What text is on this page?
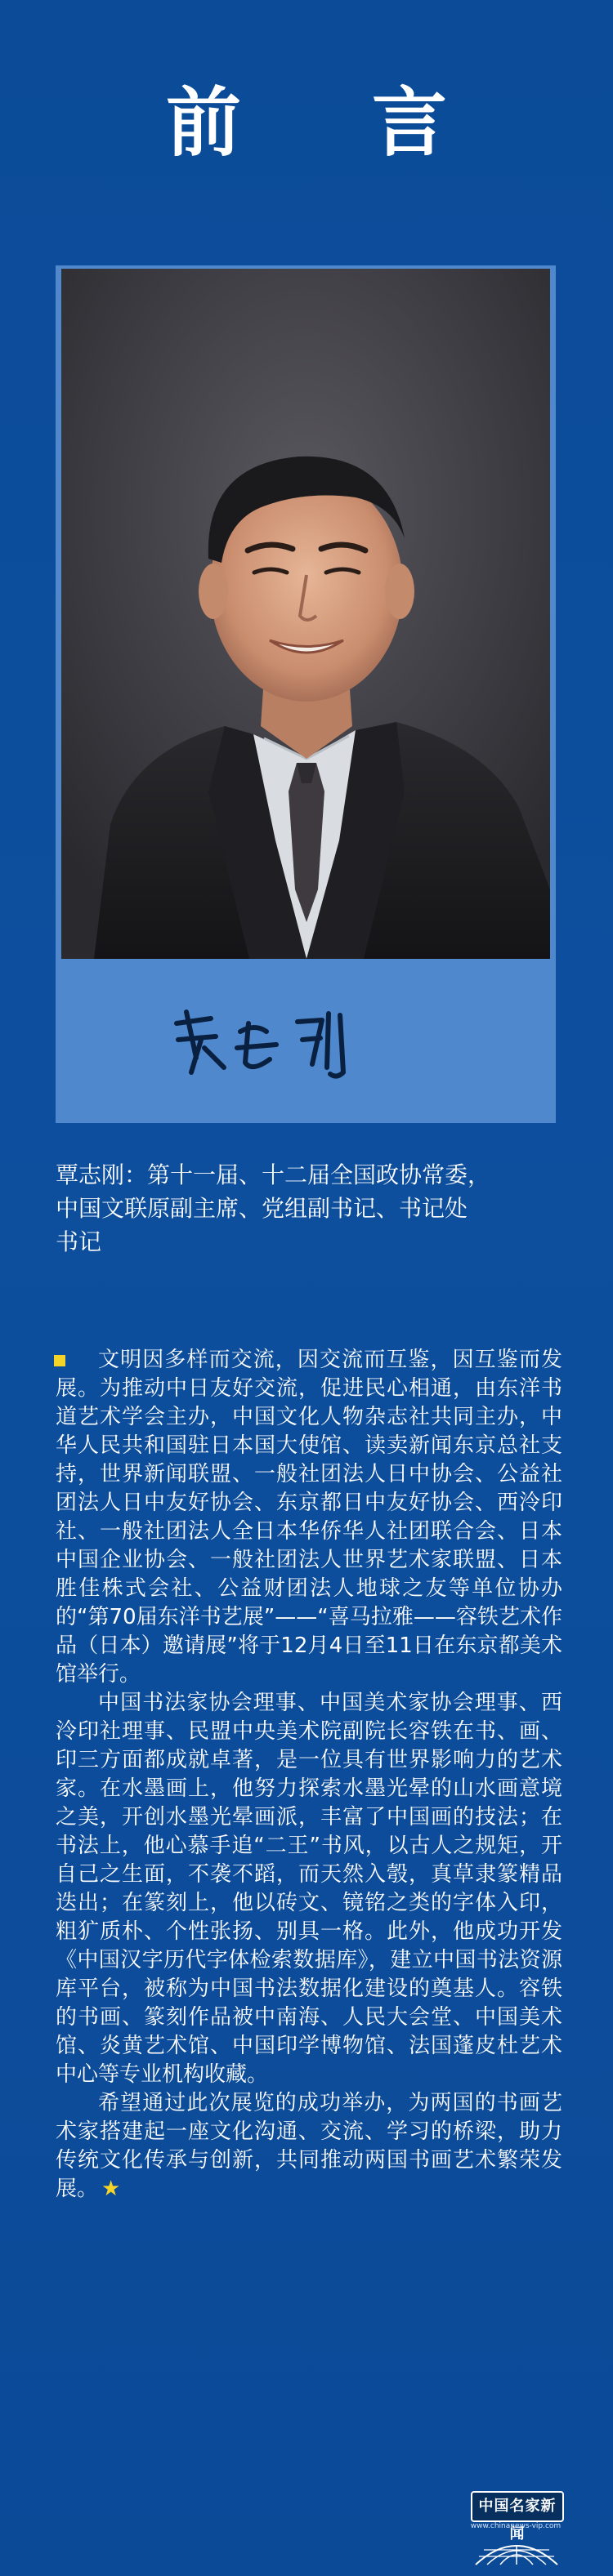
前 言

覃志刚：第十一届、十二届全国政协常委，

中国文联原副主席、党组副书记、书记处

书记

文明因多样而交流，因交流而互鉴，因互鉴而发展。为推动中日友好交流，促进民心相通，由东洋书道艺术学会主办，中国文化人物杂志社共同主办，中华人民共和国驻日本国大使馆、读卖新闻东京总社支持，世界新闻联盟、一般社团法人日中协会、公益社团法人日中友好协会、东京都日中友好协会、西泠印社、一般社团法人全日本华侨华人社团联合会、日本中国企业协会、一般社团法人世界艺术家联盟、日本胜佳株式会社、公益财团法人地球之友等单位协办的“第70届东洋书艺展”——“喜马拉雅——容铁艺术作品（日本）邀请展”将于12月4日至11日在东京都美术馆举行。

中国书法家协会理事、中国美术家协会理事、西泠印社理事、民盟中央美术院副院长容铁在书、画、印三方面都成就卓著，是一位具有世界影响力的艺术家。在水墨画上，他努力探索水墨光晕的山水画意境之美，开创水墨光晕画派，丰富了中国画的技法；在书法上，他心慕手追“二王”书风，以古人之规矩，开自己之生面，不袭不蹈，而天然入彀，真草隶篆精品迭出；在篆刻上，他以砖文、镜铭之类的字体入印，粗犷质朴、个性张扬、别具一格。此外，他成功开发《中国汉字历代字体检索数据库》，建立中国书法资源库平台，被称为中国书法数据化建设的奠基人。容铁的书画、篆刻作品被中南海、人民大会堂、中国美术馆、炎黄艺术馆、中国印学博物馆、法国蓬皮杜艺术中心等专业机构收藏。

希望通过此次展览的成功举办，为两国的书画艺术家搭建起一座文化沟通、交流、学习的桥梁，助力传统文化传承与创新，共同推动两国书画艺术繁荣发展。 ★

中国名家新闻
www.chinanews-vip.com
